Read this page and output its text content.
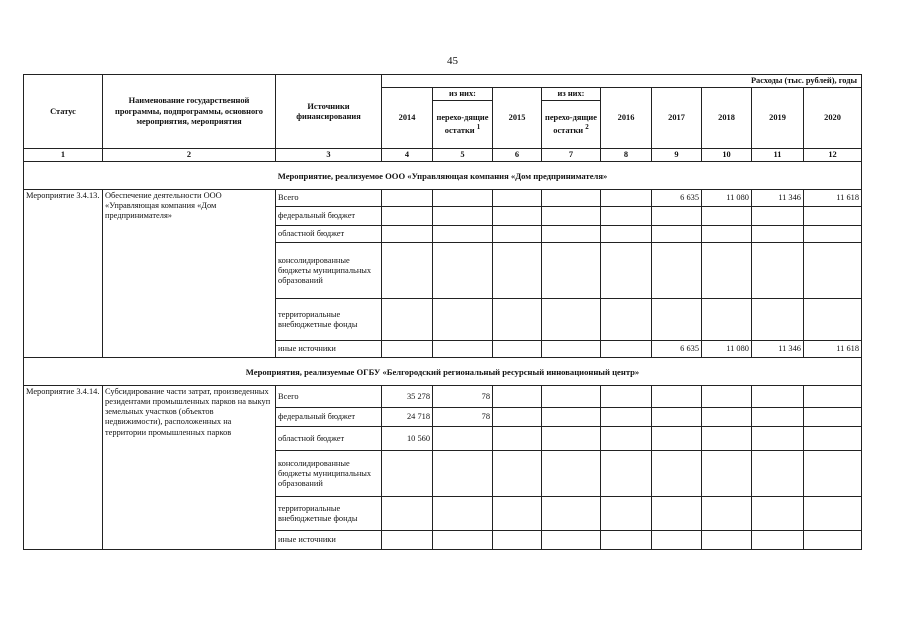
45
Статус	Наименование государственной программы, подпрограммы, основного мероприятия, мероприятия	Источники финансирования	Расходы (тыс. рублей), годы								
			2014	из них:	2015	из них:	2016	2017	2018	2019	2020
				перехо-дящие остатки $^1$		перехо-дящие остатки $^2$
1	2	3	4	5	6	7	8	9	10	11	12
Мероприятие, реализуемое ООО «Управляющая компания «Дом предпринимателя»											
Мероприятие 3.4.13.	Обеспечение деятельности ООО «Управляющая компания «Дом предпринимателя»	Всего						6 635	11 080	11 346	11 618
		федеральный бюджет									
		областной бюджет									
		консолидированные бюджеты муниципальных образований									
		территориальные внебюджетные фонды									
		иные источники						6 635	11 080	11 346	11 618
Мероприятия, реализуемые ОГБУ «Белгородский региональный ресурсный инновационный центр»											
Мероприятие 3.4.14.	Субсидирование части затрат, произведенных резидентами промышленных парков на выкуп земельных участков (объектов недвижимости), расположенных на территории промышленных парков	Всего	35 278	78							
		федеральный бюджет	24 718	78							
		областной бюджет	10 560								
		консолидированные бюджеты муниципальных образований									
		территориальные внебюджетные фонды									
		иные источники									
